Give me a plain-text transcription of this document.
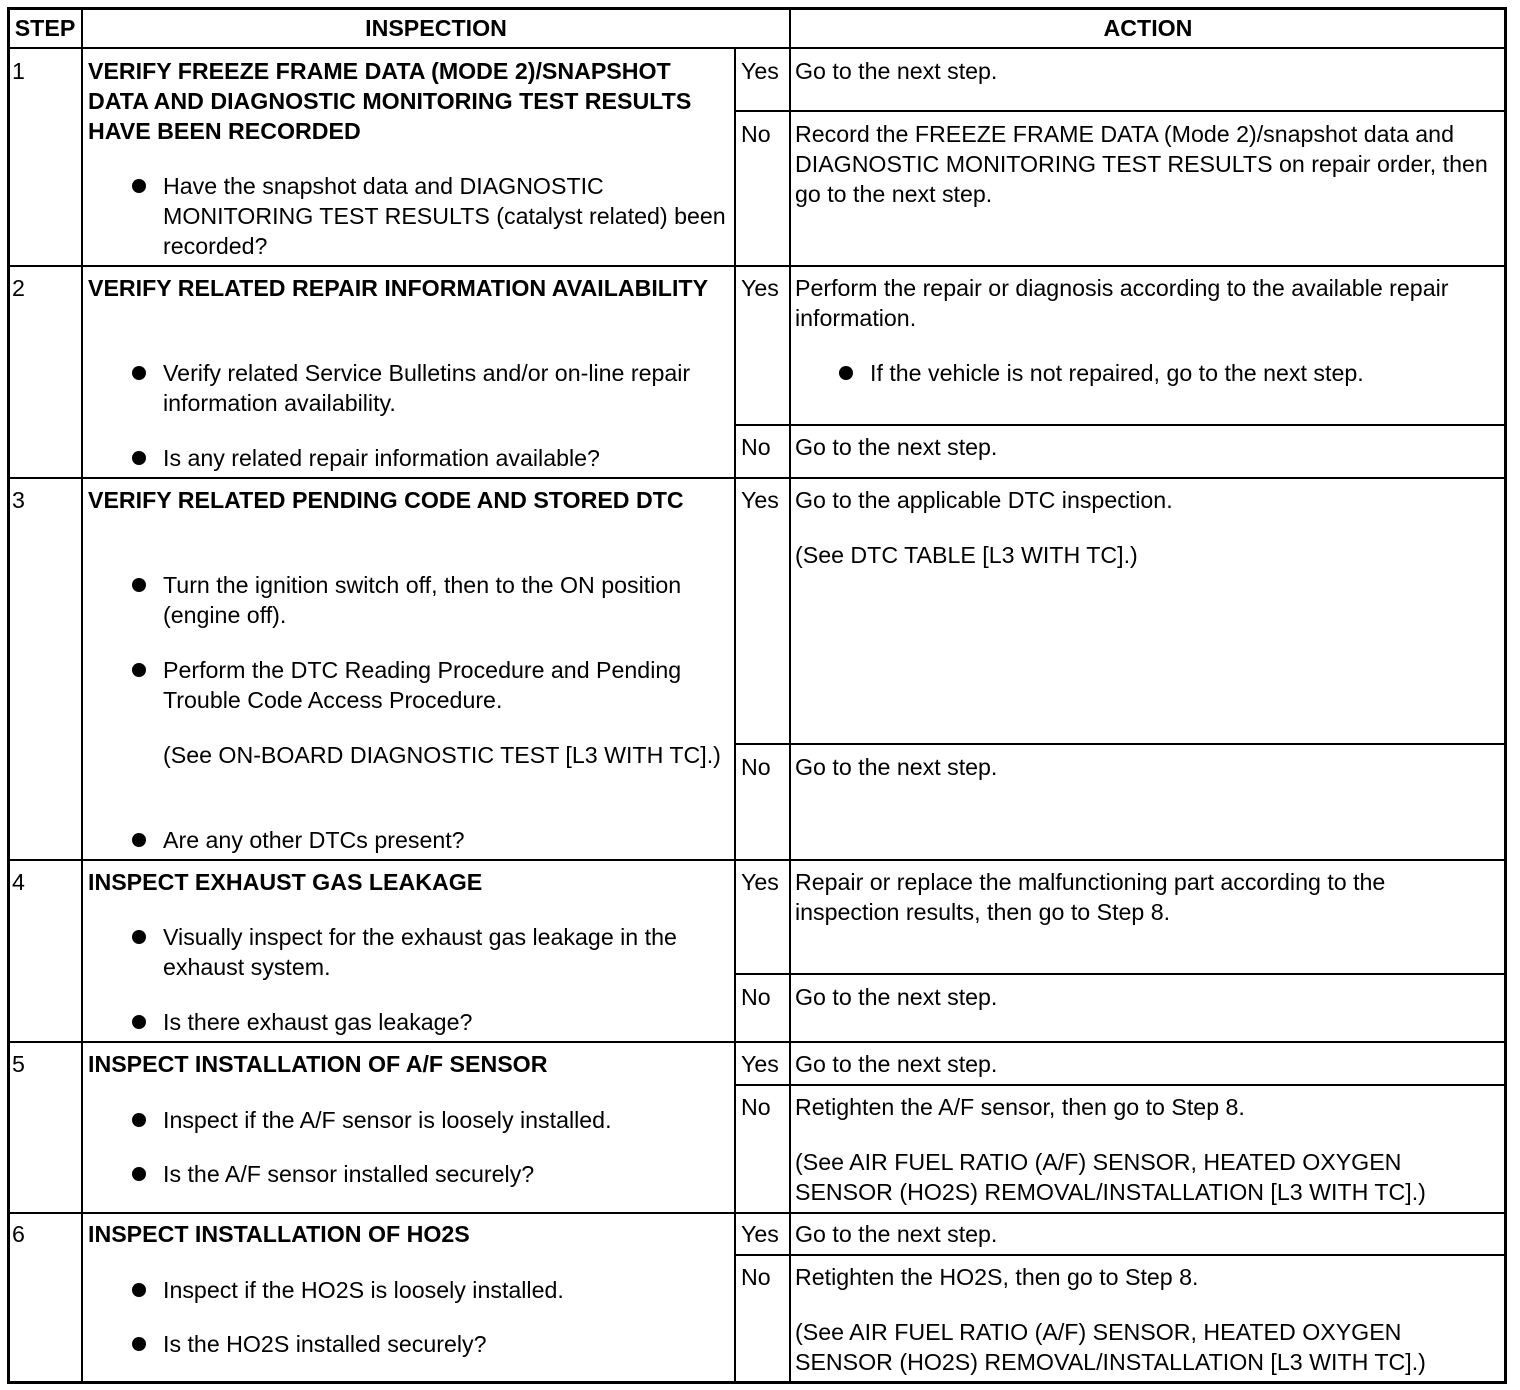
STEP	INSPECTION	ACTION
1	VERIFY FREEZE FRAME DATA (MODE 2)/SNAPSHOT DATA AND DIAGNOSTIC MONITORING TEST RESULTS HAVE BEEN RECORDED
Have the snapshot data and DIAGNOSTIC MONITORING TEST RESULTS (catalyst related) been recorded?
Yes Go to the next step.
No Record the FREEZE FRAME DATA (Mode 2)/snapshot data and DIAGNOSTIC MONITORING TEST RESULTS on repair order, then go to the next step.
2	VERIFY RELATED REPAIR INFORMATION AVAILABILITY
Verify related Service Bulletins and/or on-line repair information availability.
Is any related repair information available?
Yes Perform the repair or diagnosis according to the available repair information.
If the vehicle is not repaired, go to the next step.
No Go to the next step.
3	VERIFY RELATED PENDING CODE AND STORED DTC
Turn the ignition switch off, then to the ON position (engine off).
Perform the DTC Reading Procedure and Pending Trouble Code Access Procedure.
(See ON-BOARD DIAGNOSTIC TEST [L3 WITH TC].)
Are any other DTCs present?
Yes Go to the applicable DTC inspection.
(See DTC TABLE [L3 WITH TC].)
No Go to the next step.
4	INSPECT EXHAUST GAS LEAKAGE
Visually inspect for the exhaust gas leakage in the exhaust system.
Is there exhaust gas leakage?
Yes Repair or replace the malfunctioning part according to the inspection results, then go to Step 8.
No Go to the next step.
5	INSPECT INSTALLATION OF A/F SENSOR
Inspect if the A/F sensor is loosely installed.
Is the A/F sensor installed securely?
Yes Go to the next step.
No Retighten the A/F sensor, then go to Step 8.
(See AIR FUEL RATIO (A/F) SENSOR, HEATED OXYGEN SENSOR (HO2S) REMOVAL/INSTALLATION [L3 WITH TC].)
6	INSPECT INSTALLATION OF HO2S
Inspect if the HO2S is loosely installed.
Is the HO2S installed securely?
Yes Go to the next step.
No Retighten the HO2S, then go to Step 8.
(See AIR FUEL RATIO (A/F) SENSOR, HEATED OXYGEN SENSOR (HO2S) REMOVAL/INSTALLATION [L3 WITH TC].)
